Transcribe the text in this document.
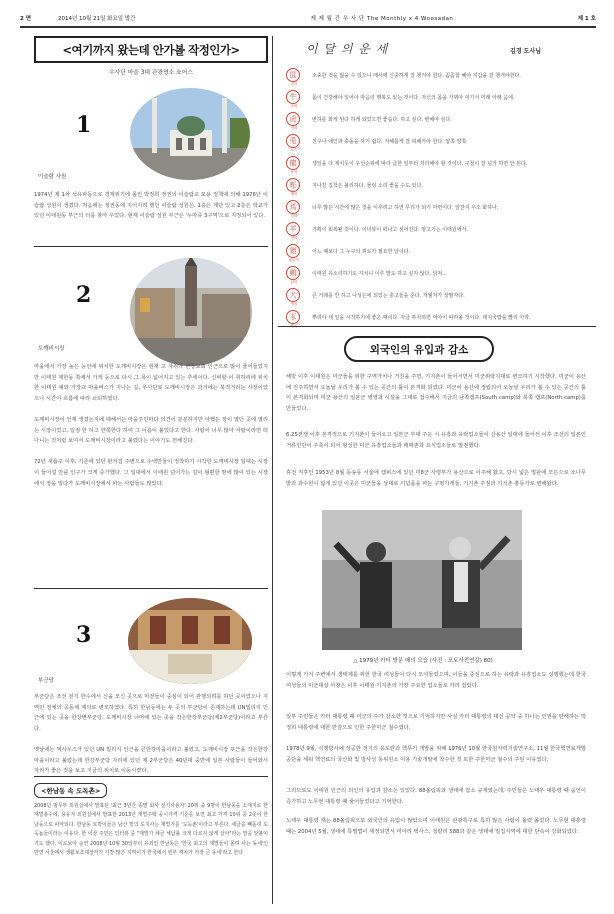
2 면	2014년 10월 21일 화요일 발간	제 제 월 간 우 사 단 The Monthly x 4 Woosadan	제 1 호
<여기까지 왔는데 안가볼 작정인가>
우사단 마을 3대 관광명소 쇼어스
1
이슬람 사원
1974년 제 1차 석유파동으로 경제위기에 몰린 박정희 정권의 이슬람교 포용 정책에 의해 1976년 이슬람 성원이 생겼다. 처음에는 정권동에 지어지려 했던 이슬람 성원은, 1층은 계단 있고 2층은 학교가 있던 이태원동 부근의 터를 찾아 우었다. 현재 이슬람 성원 부근은 '누마쥬 3구역'으로 지정되어 있다.
2
도깨비시장
마을에서 가장 높은 능선에 위치한 도깨비시장은 현재 고 자취가 한창교회 인근으로 많이 줄어들었지만 이태원 제한동 쪽에서 가게 등으로 다시 그 목이 넓어지고 있는 추세이다. 신비할 이 취하리에 위치한 이태원 예와 가장교 마을버스가 지나는 길, 우사단로 도깨비시장은 과거에는 북적거리는 시장이었으나 시간이 흐름에 따라 쇠퇴하였다.

도깨비시장이 언제 생겼는지에 대해서는 마을주민마다 의견이 분분하지만 아쨌든 장이 열던 곳에 열리는 시장이었고, 입점 한 하고 한쪽한다 하여 그 이름이 붙었다고 한다. 사람이 너무 많아 사람이라면 떠나니는 것처럼 보여서 도깨비시장이라고 불렸다는 이야기도 전해진다.

72년 새롭주 이후, 기존에 있던 판자집 주변으로 수백만들이 정착하기 시작한 도깨비시장 일대는 시장이 들어설 만큼 인구가 크게 증가했다. 그 일대에서 이태원 넘어가는 길이 형편한 땅에 많이 있는 시장에서 정을 빌다가 도깨비시장에서 파는 사람들도 많았다.
3
부군당
부군당은 조선 전기 한수에서 신을 모신 곳으로 마전들이 중심이 되어 관행되려를 하던 곳이었으나 지역민 전체의 공동체 제의로 변모하였다. 특히 한남동에는 두 곳의 부군당이 존재하는데 UN빌리지 인근에 있는 곳을 한강변부군당, 도깨비시장 너머에 있는 곳을 작은한강부군당(제2부군당)이라고 부른다.

옛날에는 역사우스가 있던 UN 빌리지 인근을 큰한강마을이라고 불렀고, 도깨비시장 부근을 작은한강마을이라고 불렀는데 한강부군당 자리에 있던 제 2부군당은 40년대 중반에 일본 사람들이 들어와서 자리가 좋은 것을 보고 지금의 위치로 이동시켰다.
<한남동 속 도독촌>
2008년 범무부 외원실에서 발표된 '최근 3년간 종별 회사 전기사용자' 20위 중 9명이 한남동을 소재지로 한 재벌총수에, 용유자 외원실에서 발표한 2013년 재벌주택 공시가격 기준을 보면 최고 가격 10위 중 2곳이 한남동으로 파악되다. 한남동 토박이들은 남산 밑의 도지사는 재벌가를 '도둑촌'이라고 부른다. 세금을 빼돌려 도둑놈들이라는 이유다. 한 이상 주민은 인터뷰 중 "재벌가 세금 체납률 크게 다르지 않게 살아"라는 말을 앞붙이기도 했다. 이로보아 순연 2008년 10월 30일부터 유죄인 한남동은 '한국 최고의 재벌들이 몰려 사는 동네'인 반면 서울에서 생활보조대상자가 가장 많은 지역이기 한국에서 빈부 격차가 가장 큰 동네'라고 한다
이 달 의 운 세	김경 도사님
鼠
쥐띠
소중한 것을 잃을 수 있으니 매사에 신중하게 잘 챙겨야 한다. 꼼꼼함 혜야 지갑을 잘 챙겨야한다.
牛
소띠
몸이 건강해야 있어야 마음의 행복도 있는 것이다. 자신의 몸을 가꿔야 여기서 미래 아래 음에.
虎
범띠
변하를 화게 된다 하게 되었으면 좋습다. 하고 싶다. 변해야 싶다.
兎
토끼
친구나 애인과 충돌을 하기 쉽다. 지혜롭게 잘 피해가야 한다. 양쪽 양쪽
龍
용띠
생일을 다 제치듯이 우선순위에 따라 급한 일부터 처리해야 할 것이다. 구청이 잘 넘겨 하면 안 된다.
蛇
뱀띠
지나친 집착은 불리하다. 물렁 소리 좋을 수도 있다.
馬
말띠
너무 많은 시간에 많은 것을 이루려고 하면 무리가 되기 마련이다. 알찬지 우소 화하나.
羊
양띠
기획이 회복될 것이다. 이너뷰이 떠나고 싶어진다. 양고기는 이태원에서.
猿
원숭이
어느 때보다 그 누구의 위로가 필요한 날이다.
鷄
닭띠
이태원 유소리하기도 지치니 이루 말도 하고 싶지 않다. 닭쳐...
犬
개띠
큰 거래를 안 하고 나성은에 되었는 충고들을 준다. 개월처가 상팔자다.
豕	뿌려야 새 일을 시작하기에 좋은 때이다. 자금 투자하면 여야이 따라올 것이다. 돼지국밥을 빨리 아라.
외국인의 유입과 감소
해방 이후 이태원은 미군들을 위한 구역가치나 거친을 주면, 기지촌이 들어서면서 미군위락지대로 변모하기 시작했다. 미군이 용산에 진주하면서 오늘날 우리가 볼 수 있는 공간의 틀이 본격화 되었다. 미군이 용산에 정립되어 오늘날 우리가 볼 수 있는 공간의 틀이 본격화되며 미군 용산의 일본군 병영과 시설을 그대로 접수해서 지금의 남쪽캠프(South camp)와 북쪽 캠프(North camp)를 만들었다.
6.25전쟁 이후 본격적으로 기지촌이 들어오고 일본군 부대 주둔 시 유흥과 유락업소들이 신용산 일대에 들어선 이후 조선의 일본인 거류민단이 주축이 되어 형성한 미군 유흥업소들과 매매촌과 요식업소들로 발전했다.
휴전 직후인 1953년 8월 동송동 서울에 캠퍼스에 있던 미8군 사령부가 용산으로 이주해 왔고, 당시 넓은 벌판에 모든으로 소나무 밭과 과수원이 넓게 있던 이곳은 미군들을 상대로 기념품을 파는 구멍가게들, 기지촌 주점과 기지촌 홍등가로 변해왔다.
△ 1979년 카터 방문 때의 모습 (사진 : 포토사전연감) 80)
이렇게 기지 주변에서 생태계를 위한 한국 여성들이 다시 모여들었으며, 이들을 중심으로 하는 유락과 유흥업소도 성행했는데 한국 여성들의 미군대상 사창은 이후 이태원 기지촌의 가장 주요한 업소들로 자리 잡았다.
일부 주민들은 카터 대통령 때 미군의 수가 감소한 것으로 기억하지만 사실 카터 대통령의 대선 공약 중 하나는 인권을 탄해하는 박정희 대통령에 대한 반감으로 인한 주한미군 철수였다.
1978년 9월, 시행방사에 성공한 정기의 유도탄과 핵무기 개발을 위해 1976년 10월 한국원자력기술연구소, 11월 한국핵연료개발공단을 세워 핵연료의 국산화 및 방사성 동위원소 이용 기술개발에 착수한 것 또한 주한미군 철수의 주된 이유였다.
그러므로도 이태원 인근의 외인의 유입과 감소는 있었다. 88올림픽과 생태에 잡소 규제였는데, 주민들은 노태우 대통령 때 숨인이 증가하고 노무현 대통령 때 줄어들었다고 기억한다.
노태우 대통령 재는 88올림픽으로 외국인의 유입이 많았으며 이태원은 관광특구로 특히 많은 사람이 몰렸 몰었다. 노무현 대통령 때는 2004년 5월, 생태에 특별법이 세정되면서 미아리 텍사스, 청량리 588과 같은 생태에 밀집지역에 대한 단속이 강화되었다.
